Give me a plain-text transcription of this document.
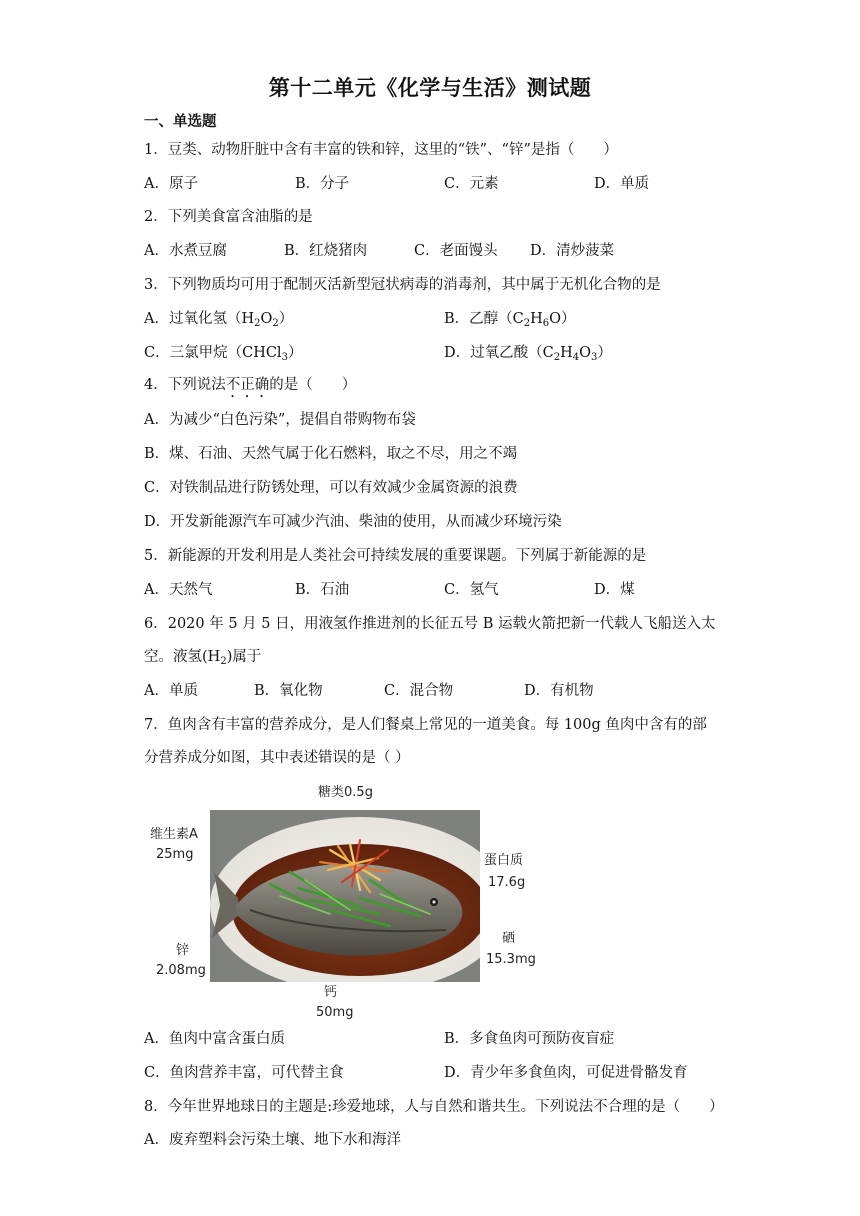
第十二单元《化学与生活》测试题
一、单选题
1．豆类、动物肝脏中含有丰富的铁和锌，这里的“铁”、“锌”是指（　　）
A．原子	B．分子	C．元素	D．单质
2．下列美食富含油脂的是
A．水煮豆腐	B．红烧猪肉	C．老面馒头 D．清炒菠菜
3．下列物质均可用于配制灭活新型冠状病毒的消毒剂，其中属于无机化合物的是
A．过氧化氢$(H_2O_2)$	B．乙醇$(C_2H_6O)$
C．三氯甲烷（CHCl$_3$）	D．过氧乙酸$(C_2H_4O_3)$
4．下列说法不正确的是（　　）
A．为减少“白色污染”，提倡自带购物布袋
B．煤、石油、天然气属于化石燃料，取之不尽，用之不竭
C．对铁制品进行防锈处理，可以有效减少金属资源的浪费
D．开发新能源汽车可减少汽油、柴油的使用，从而减少环境污染
5．新能源的开发利用是人类社会可持续发展的重要课题。下列属于新能源的是
A．天然气	B．石油	C．氢气	D．煤
6．2020 年 5 月 5 日，用液氢作推进剂的长征五号 B 运载火箭把新一代载人飞船送入太
空。液氢$(H_2)$属于
A．单质	B．氧化物	C．混合物	D．有机物
7．鱼肉含有丰富的营养成分，是人们餐桌上常见的一道美食。每 100g 鱼肉中含有的部
分营养成分如图，其中表述错误的是（ ）
糖类0.5g
维生素A
25mg	蛋白质
17.6g
锌
2.08mg
硒
15.3mg
钙
50mg
A．鱼肉中富含蛋白质	B．多食鱼肉可预防夜盲症
C．鱼肉营养丰富，可代替主食	D．青少年多食鱼肉，可促进骨骼发育
8．今年世界地球日的主题是:珍爱地球，人与自然和谐共生。下列说法不合理的是（　　）
A．废弃塑料会污染土壤、地下水和海洋
